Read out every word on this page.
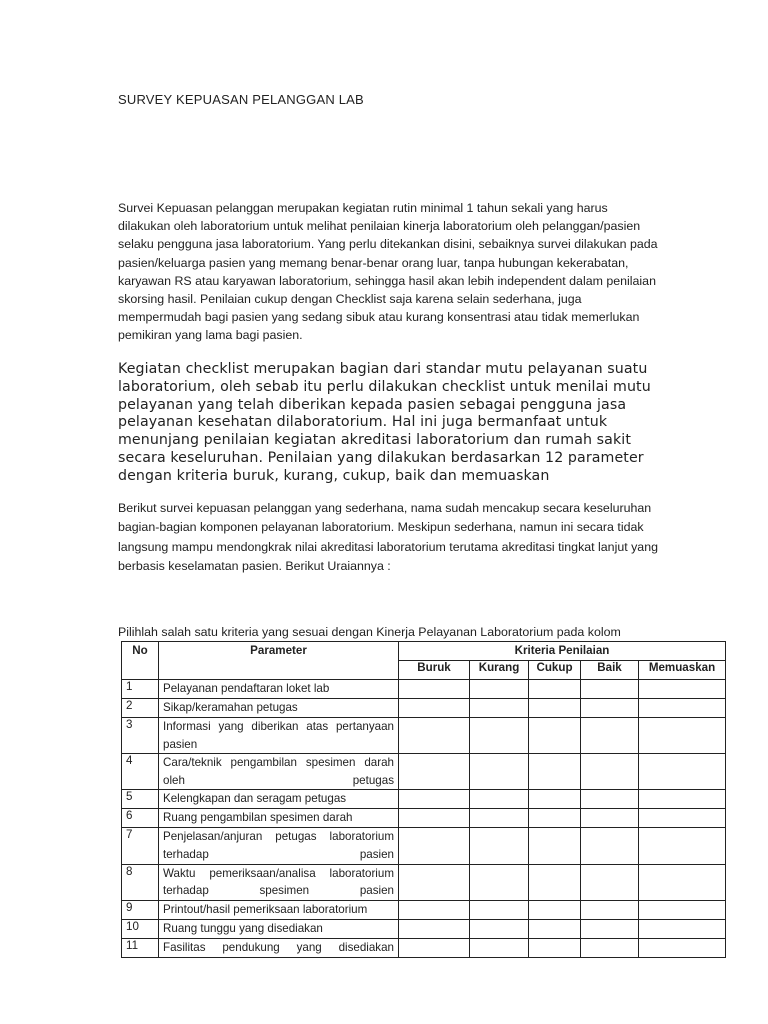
SURVEY KEPUASAN PELANGGAN LAB

Survei Kepuasan pelanggan merupakan kegiatan rutin minimal 1 tahun sekali yang harus dilakukan oleh laboratorium untuk melihat penilaian kinerja laboratorium oleh pelanggan/pasien selaku pengguna jasa laboratorium. Yang perlu ditekankan disini, sebaiknya survei dilakukan pada pasien/keluarga pasien yang memang benar-benar orang luar, tanpa hubungan kekerabatan, karyawan RS atau karyawan laboratorium, sehingga hasil akan lebih independent dalam penilaian skorsing hasil. Penilaian cukup dengan Checklist saja karena selain sederhana, juga mempermudah bagi pasien yang sedang sibuk atau kurang konsentrasi atau tidak memerlukan pemikiran yang lama bagi pasien.

Kegiatan checklist merupakan bagian dari standar mutu pelayanan suatu laboratorium, oleh sebab itu perlu dilakukan checklist untuk menilai mutu pelayanan yang telah diberikan kepada pasien sebagai pengguna jasa pelayanan kesehatan dilaboratorium. Hal ini juga bermanfaat untuk menunjang penilaian kegiatan akreditasi laboratorium dan rumah sakit secara keseluruhan. Penilaian yang dilakukan berdasarkan 12 parameter dengan kriteria buruk, kurang, cukup, baik dan memuaskan

Berikut survei kepuasan pelanggan yang sederhana, nama sudah mencakup secara keseluruhan bagian-bagian komponen pelayanan laboratorium. Meskipun sederhana, namun ini secara tidak langsung mampu mendongkrak nilai akreditasi laboratorium terutama akreditasi tingkat lanjut yang berbasis keselamatan pasien. Berikut Uraiannya :

Pilihlah salah satu kriteria yang sesuai dengan Kinerja Pelayanan Laboratorium pada kolom
No	Parameter	Kriteria Penilaian				
		Buruk	Kurang	Cukup	Baik	Memuaskan
1	Pelayanan pendaftaran loket lab					
2	Sikap/keramahan petugas					
3	Informasi yang diberikan atas pertanyaan pasien					
4	Cara/teknik pengambilan spesimen darah oleh petugas					
5	Kelengkapan dan seragam petugas					
6	Ruang pengambilan spesimen darah					
7	Penjelasan/anjuran petugas laboratorium terhadap pasien					
8	Waktu pemeriksaan/analisa laboratorium terhadap spesimen pasien					
9	Printout/hasil pemeriksaan laboratorium					
10	Ruang tunggu yang disediakan					
11	Fasilitas pendukung yang disediakan					
